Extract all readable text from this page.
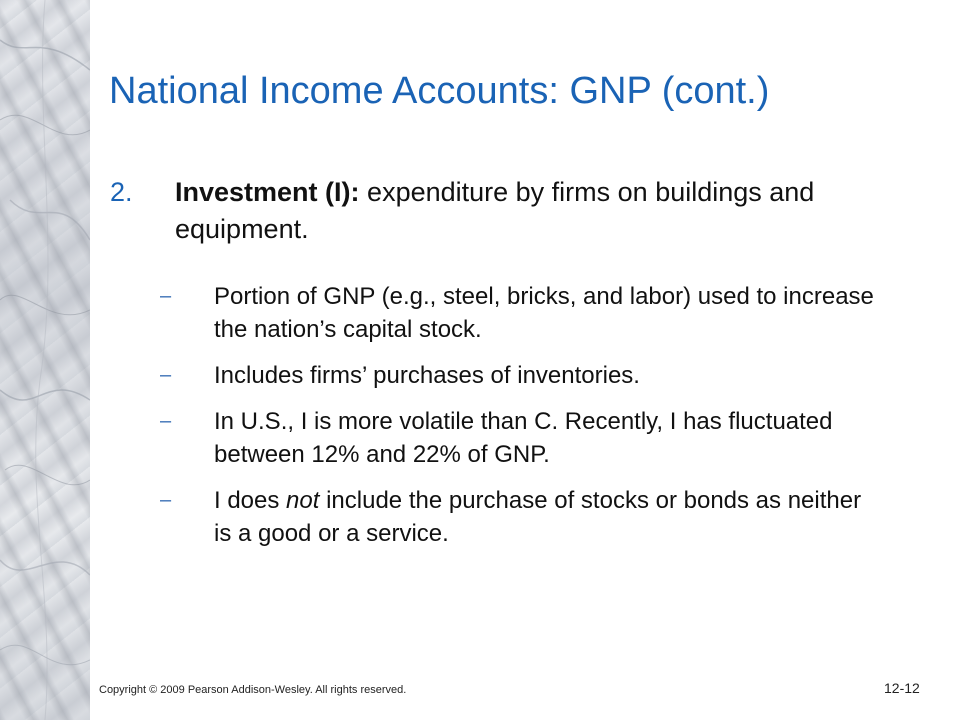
National Income Accounts: GNP (cont.)
2. Investment (I): expenditure by firms on buildings and equipment.
– Portion of GNP (e.g., steel, bricks, and labor) used to increase the nation’s capital stock.
– Includes firms’ purchases of inventories.
– In U.S., I is more volatile than C. Recently, I has fluctuated between 12% and 22% of GNP.
– I does not include the purchase of stocks or bonds as neither is a good or a service.
Copyright © 2009 Pearson Addison-Wesley. All rights reserved.	12-12
